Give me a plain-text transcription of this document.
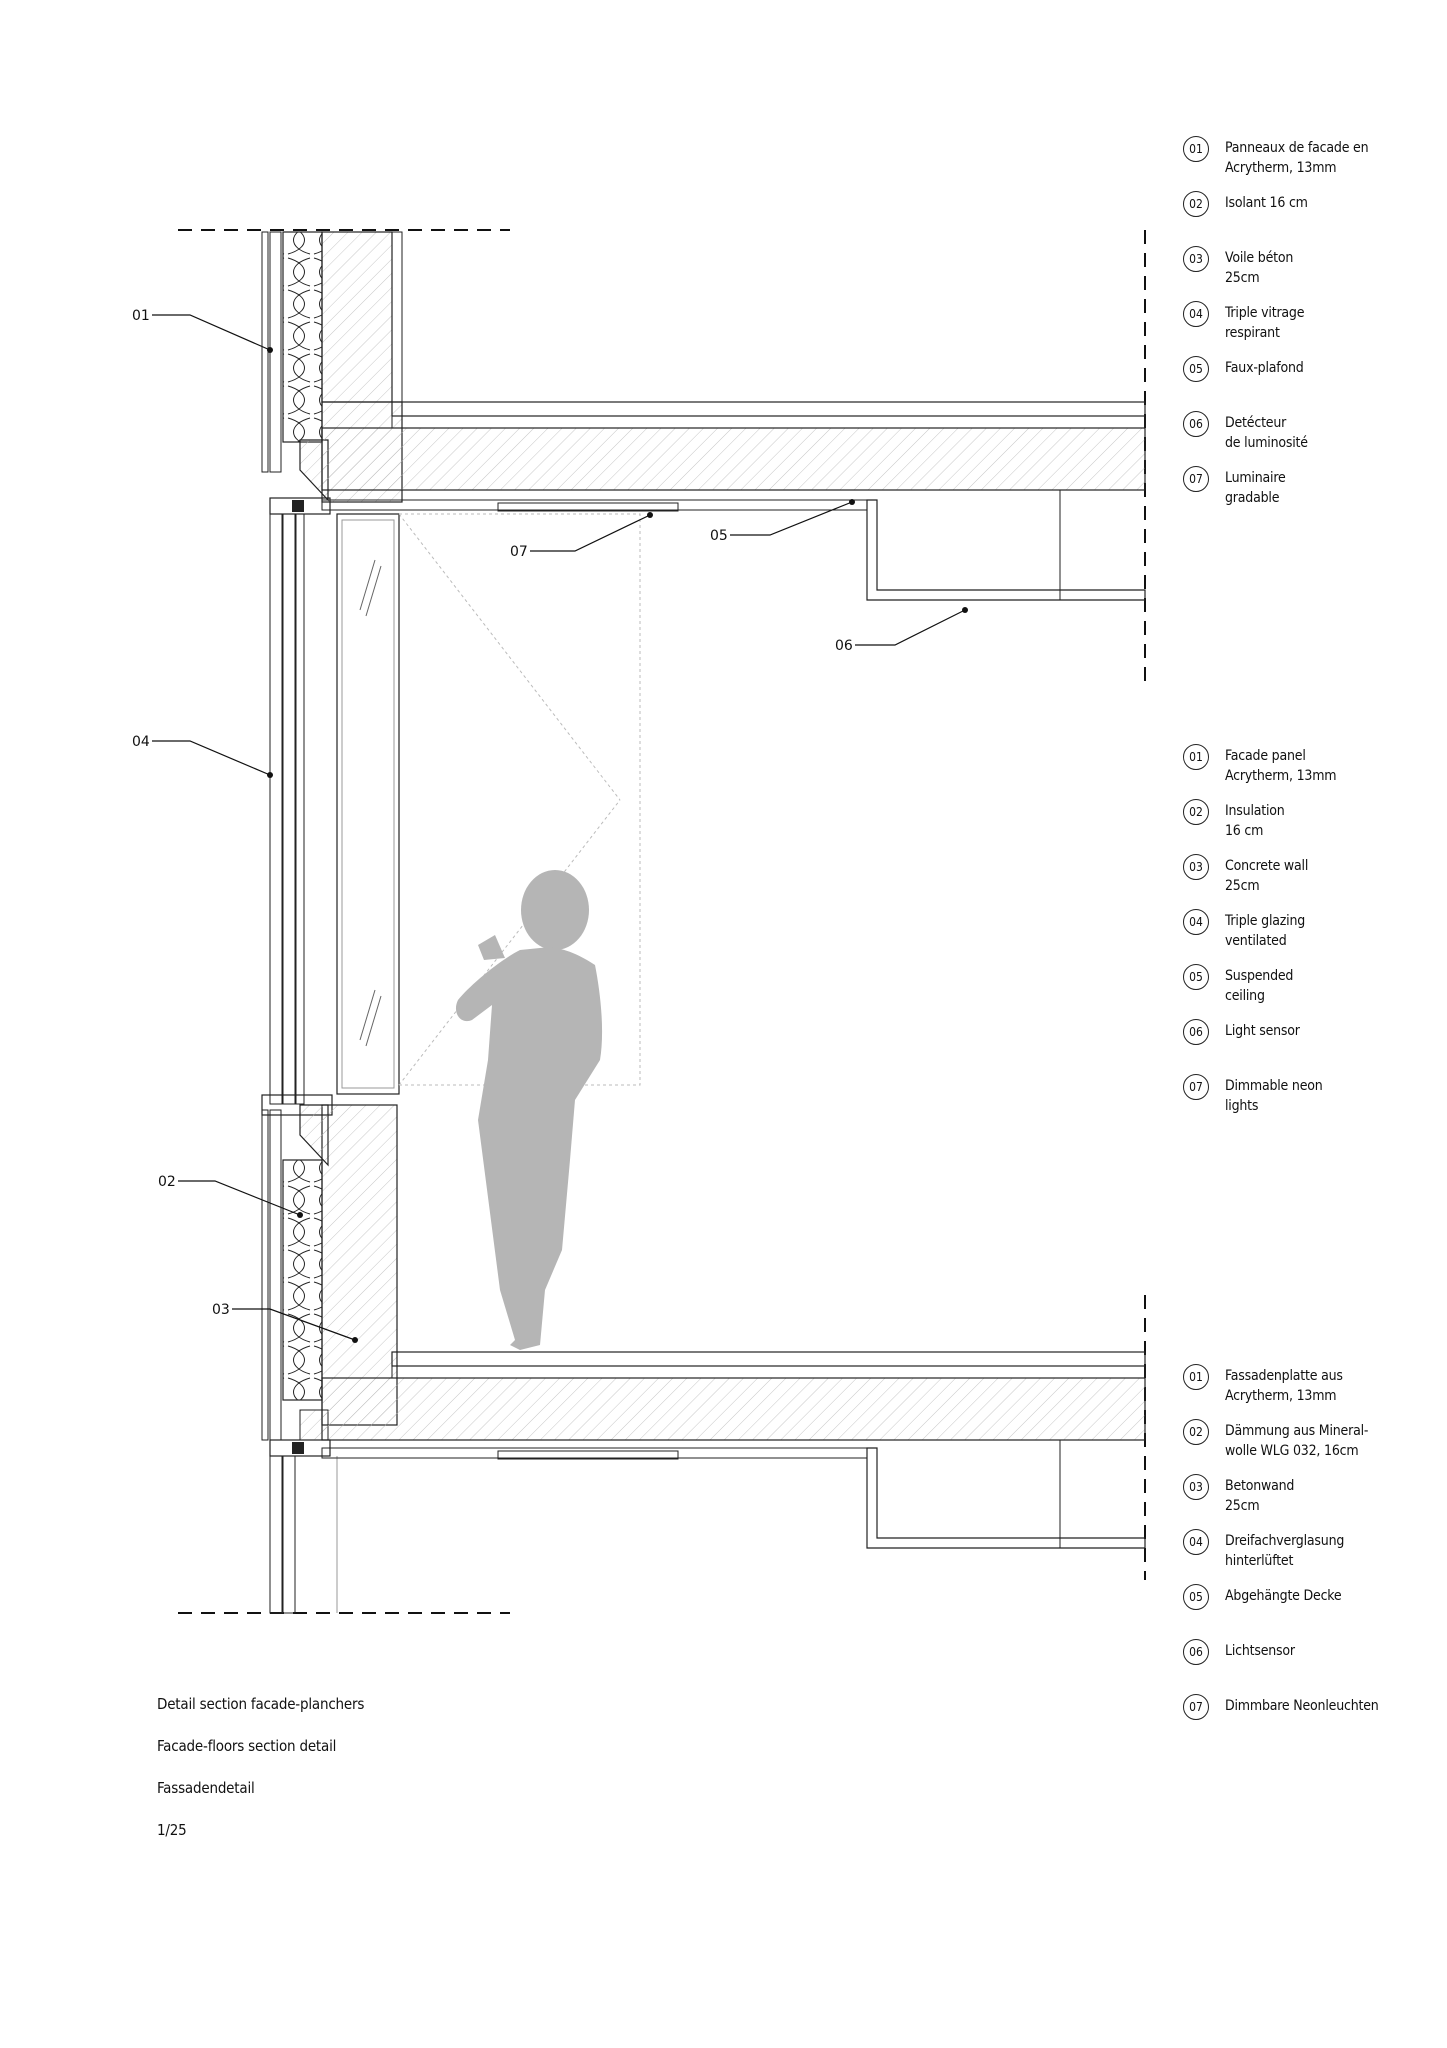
01
04
07
05
06
02
03
01	Panneaux de facade en
Acrytherm, 13mm
02	Isolant 16 cm
03	Voile béton
25cm
04	Triple vitrage
respirant
05	Faux-plafond
06	Detécteur
de luminosité
07	Luminaire
gradable
01	Facade panel
Acrytherm, 13mm
02	Insulation
16 cm
03	Concrete wall
25cm
04	Triple glazing
ventilated
05	Suspended
ceiling
06	Light sensor
07	Dimmable neon
lights
01	Fassadenplatte aus
Acrytherm, 13mm
02	Dämmung aus Mineral-
wolle WLG 032, 16cm
03	Betonwand
25cm
04	Dreifachverglasung
hinterlüftet
05	Abgehängte Decke
06	Lichtsensor
07	Dimmbare Neonleuchten
Detail section facade-planchers
Facade-floors section detail
Fassadendetail
1/25
